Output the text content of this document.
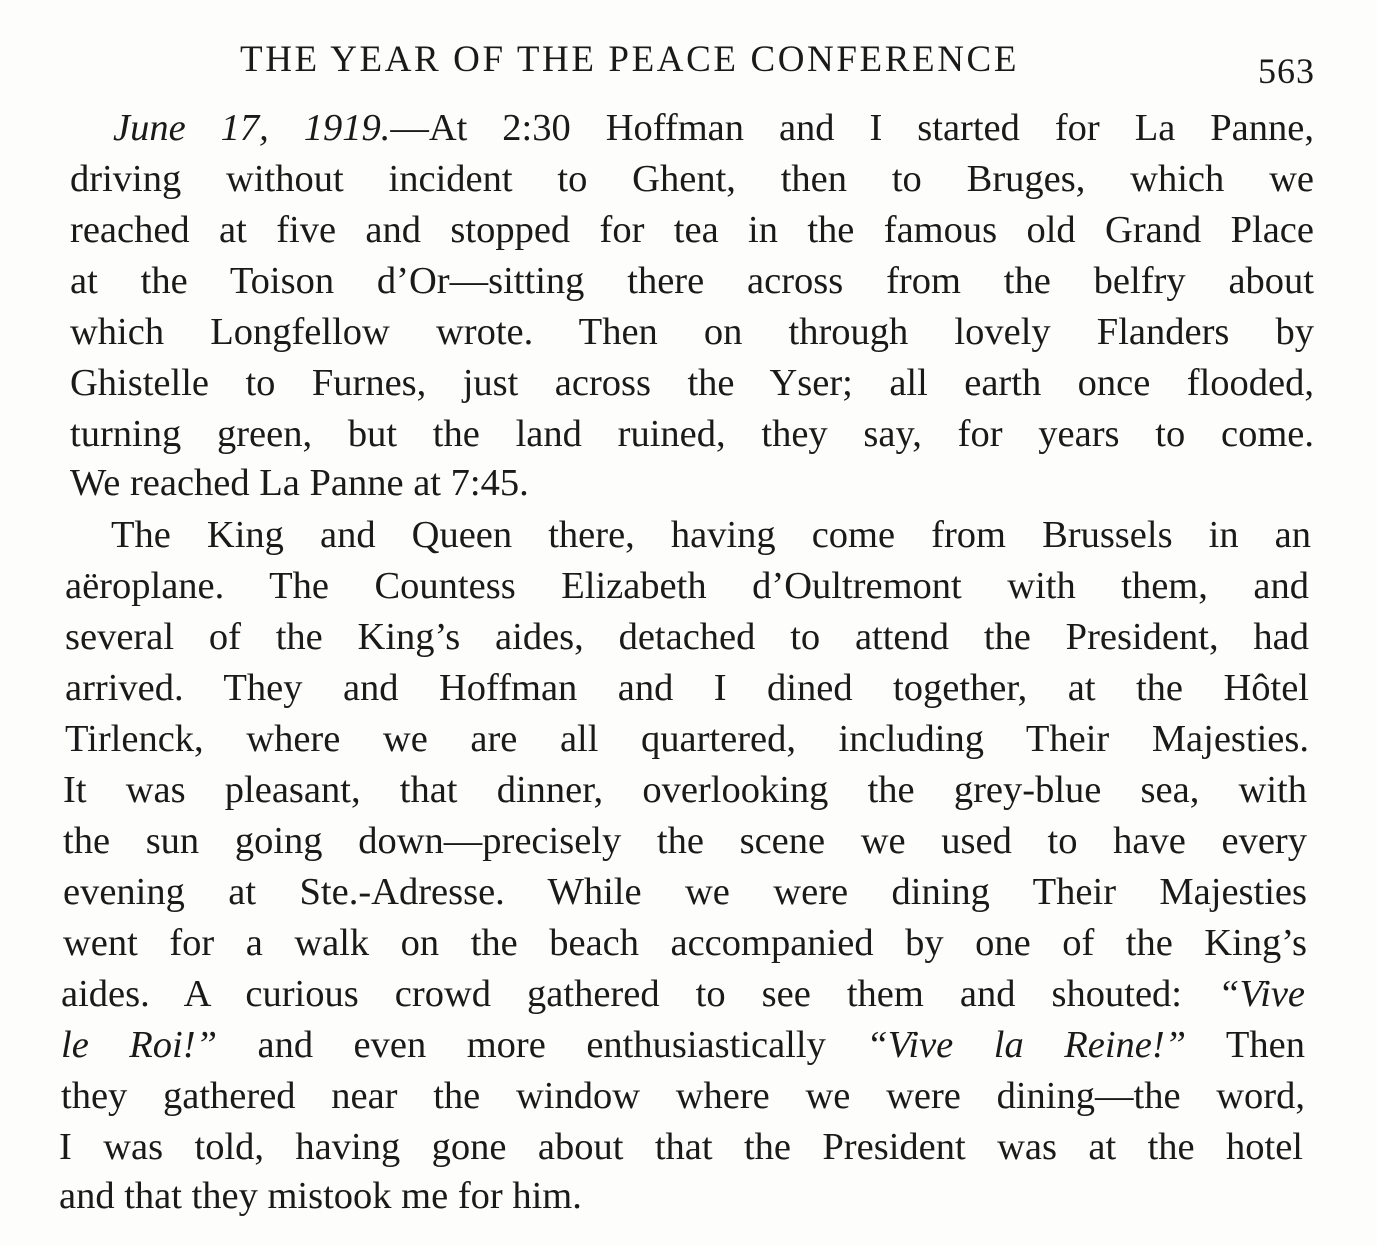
THE YEAR OF THE PEACE CONFERENCE	563
June 17, 1919.—At 2:30 Hoffman and I started for La Panne,
driving without incident to Ghent, then to Bruges, which we
reached at five and stopped for tea in the famous old Grand Place
at the Toison d’Or—sitting there across from the belfry about
which Longfellow wrote. Then on through lovely Flanders by
Ghistelle to Furnes, just across the Yser; all earth once flooded,
turning green, but the land ruined, they say, for years to come.
We reached La Panne at 7:45.
The King and Queen there, having come from Brussels in an
aëroplane. The Countess Elizabeth d’Oultremont with them, and
several of the King’s aides, detached to attend the President, had
arrived. They and Hoffman and I dined together, at the Hôtel
Tirlenck, where we are all quartered, including Their Majesties.
It was pleasant, that dinner, overlooking the grey-blue sea, with
the sun going down—precisely the scene we used to have every
evening at Ste.-Adresse. While we were dining Their Majesties
went for a walk on the beach accompanied by one of the King’s
aides. A curious crowd gathered to see them and shouted: “Vive
le Roi!” and even more enthusiastically “Vive la Reine!” Then
they gathered near the window where we were dining—the word,
I was told, having gone about that the President was at the hotel
and that they mistook me for him.
